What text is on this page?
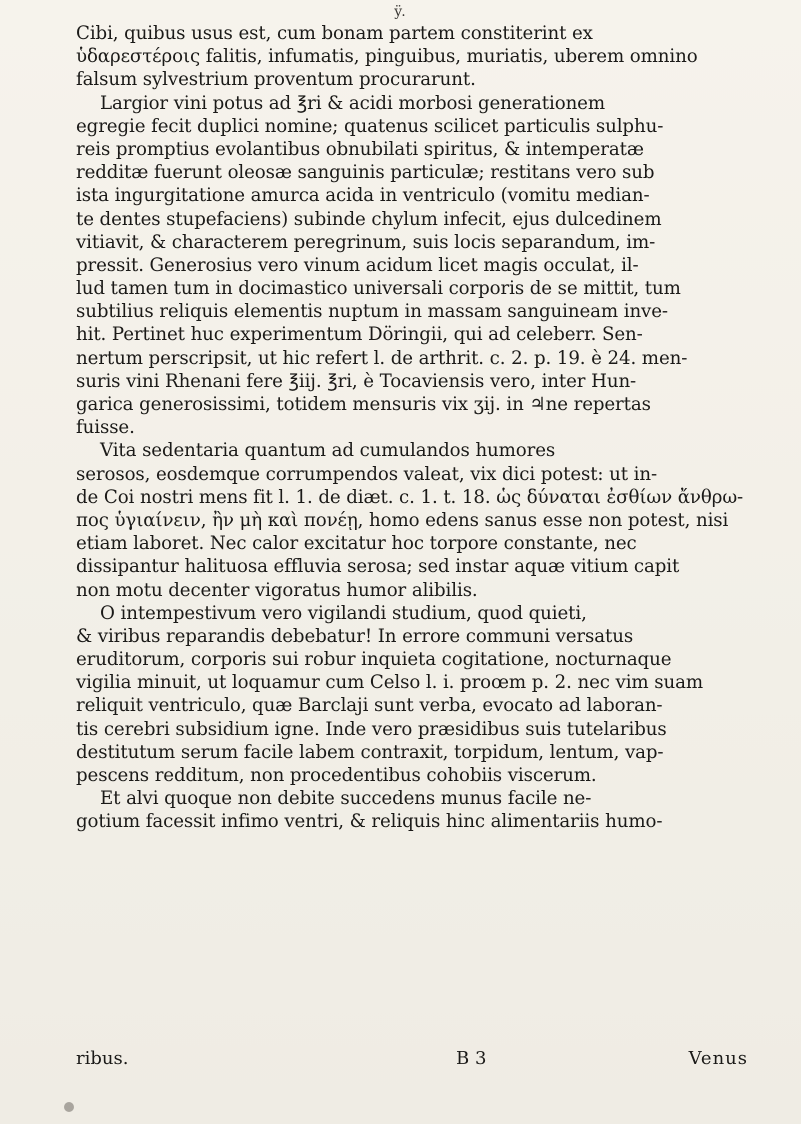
ÿ.
Cibi, quibus usus est, cum bonam partem constiterint ex
ὑδαρεστέροις falitis, infumatis, pinguibus, muriatis, uberem omnino
falsum sylvestrium proventum procurarunt.
Largior vini potus ad ℥ri & acidi morbosi generationem
egregie fecit duplici nomine; quatenus scilicet particulis sulphu-
reis promptius evolantibus obnubilati spiritus, & intemperatæ
redditæ fuerunt oleosæ sanguinis particulæ; restitans vero sub
ista ingurgitatione amurca acida in ventriculo (vomitu median-
te dentes stupefaciens) subinde chylum infecit, ejus dulcedinem
vitiavit, & characterem peregrinum, suis locis separandum, im-
pressit. Generosius vero vinum acidum licet magis occulat, il-
lud tamen tum in docimastico universali corporis de se mittit, tum
subtilius reliquis elementis nuptum in massam sanguineam inve-
hit. Pertinet huc experimentum Döringii, qui ad celeberr. Sen-
nertum perscripsit, ut hic refert l. de arthrit. c. 2. p. 19. è 24. men-
suris vini Rhenani fere ℥iij. ℥ri, è Tocaviensis vero, inter Hun-
garica generosissimi, totidem mensuris vix ʒij. in ♃ne repertas
fuisse.
Vita sedentaria quantum ad cumulandos humores
serosos, eosdemque corrumpendos valeat, vix dici potest: ut in-
de Coi nostri mens fit l. 1. de diæt. c. 1. t. 18. ὡς δύναται ἐσθίων ἄνθρω-
πος ὑγιαίνειν, ἢν μὴ καὶ πονέῃ, homo edens sanus esse non potest, nisi
etiam laboret. Nec calor excitatur hoc torpore constante, nec
dissipantur halituosa effluvia serosa; sed instar aquæ vitium capit
non motu decenter vigoratus humor alibilis.
O intempestivum vero vigilandi studium, quod quieti,
& viribus reparandis debebatur! In errore communi versatus
eruditorum, corporis sui robur inquieta cogitatione, nocturnaque
vigilia minuit, ut loquamur cum Celso l. i. proœm p. 2. nec vim suam
reliquit ventriculo, quæ Barclaji sunt verba, evocato ad laboran-
tis cerebri subsidium igne. Inde vero præsidibus suis tutelaribus
destitutum serum facile labem contraxit, torpidum, lentum, vap-
pescens redditum, non procedentibus cohobiis viscerum.
Et alvi quoque non debite succedens munus facile ne-
gotium facessit infimo ventri, & reliquis hinc alimentariis humo-
ribus.	B 3	Venus
